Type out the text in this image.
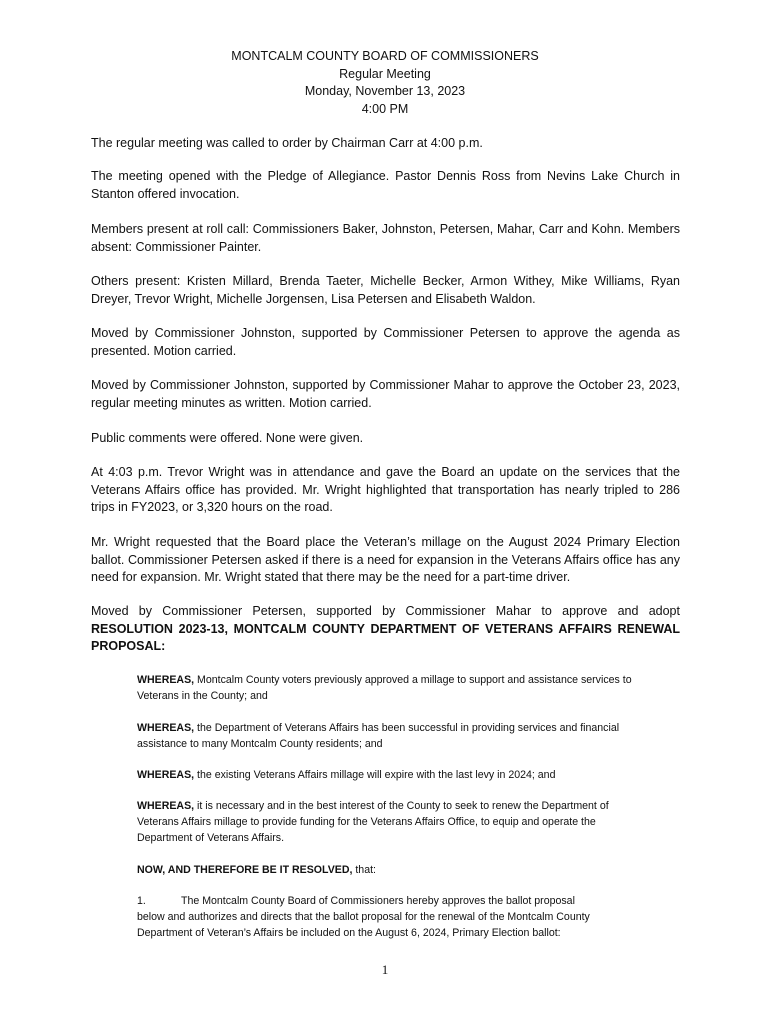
MONTCALM COUNTY BOARD OF COMMISSIONERS
Regular Meeting
Monday, November 13, 2023
4:00 PM

The regular meeting was called to order by Chairman Carr at 4:00 p.m.

The meeting opened with the Pledge of Allegiance. Pastor Dennis Ross from Nevins Lake Church in Stanton offered invocation.

Members present at roll call: Commissioners Baker, Johnston, Petersen, Mahar, Carr and Kohn. Members absent: Commissioner Painter.

Others present: Kristen Millard, Brenda Taeter, Michelle Becker, Armon Withey, Mike Williams, Ryan Dreyer, Trevor Wright, Michelle Jorgensen, Lisa Petersen and Elisabeth Waldon.

Moved by Commissioner Johnston, supported by Commissioner Petersen to approve the agenda as presented. Motion carried.

Moved by Commissioner Johnston, supported by Commissioner Mahar to approve the October 23, 2023, regular meeting minutes as written. Motion carried.

Public comments were offered. None were given.

At 4:03 p.m. Trevor Wright was in attendance and gave the Board an update on the services that the Veterans Affairs office has provided. Mr. Wright highlighted that transportation has nearly tripled to 286 trips in FY2023, or 3,320 hours on the road.

Mr. Wright requested that the Board place the Veteran’s millage on the August 2024 Primary Election ballot. Commissioner Petersen asked if there is a need for expansion in the Veterans Affairs office has any need for expansion. Mr. Wright stated that there may be the need for a part-time driver.

Moved by Commissioner Petersen, supported by Commissioner Mahar to approve and adopt RESOLUTION 2023-13, MONTCALM COUNTY DEPARTMENT OF VETERANS AFFAIRS RENEWAL PROPOSAL:

WHEREAS, Montcalm County voters previously approved a millage to support and assistance services to Veterans in the County; and

WHEREAS, the Department of Veterans Affairs has been successful in providing services and financial assistance to many Montcalm County residents; and

WHEREAS, the existing Veterans Affairs millage will expire with the last levy in 2024; and

WHEREAS, it is necessary and in the best interest of the County to seek to renew the Department of Veterans Affairs millage to provide funding for the Veterans Affairs Office, to equip and operate the Department of Veterans Affairs.

NOW, AND THEREFORE BE IT RESOLVED, that:

1.	The Montcalm County Board of Commissioners hereby approves the ballot proposal

below and authorizes and directs that the ballot proposal for the renewal of the Montcalm County Department of Veteran’s Affairs be included on the August 6, 2024, Primary Election ballot:

1
